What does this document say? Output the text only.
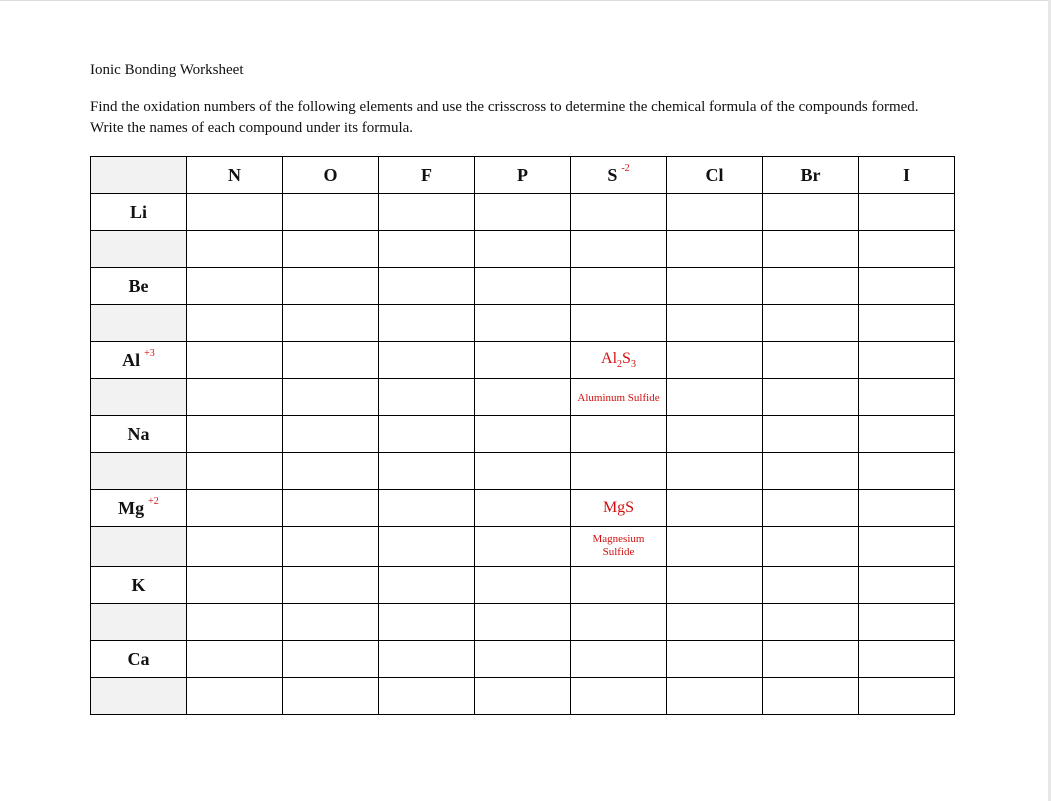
Ionic Bonding Worksheet
Find the oxidation numbers of the following elements and use the crisscross to determine the chemical formula of the compounds formed. Write the names of each compound under its formula.
	N	O	F	P	S $^{-2}$	Cl	Br	I
Li								

Be								

Al $^{+3}$					$Al_2S_3$			
					Aluminum Sulfide			
Na								

Mg $^{+2}$					MgS			
					Magnesium
Sulfide			
K								

Ca								
